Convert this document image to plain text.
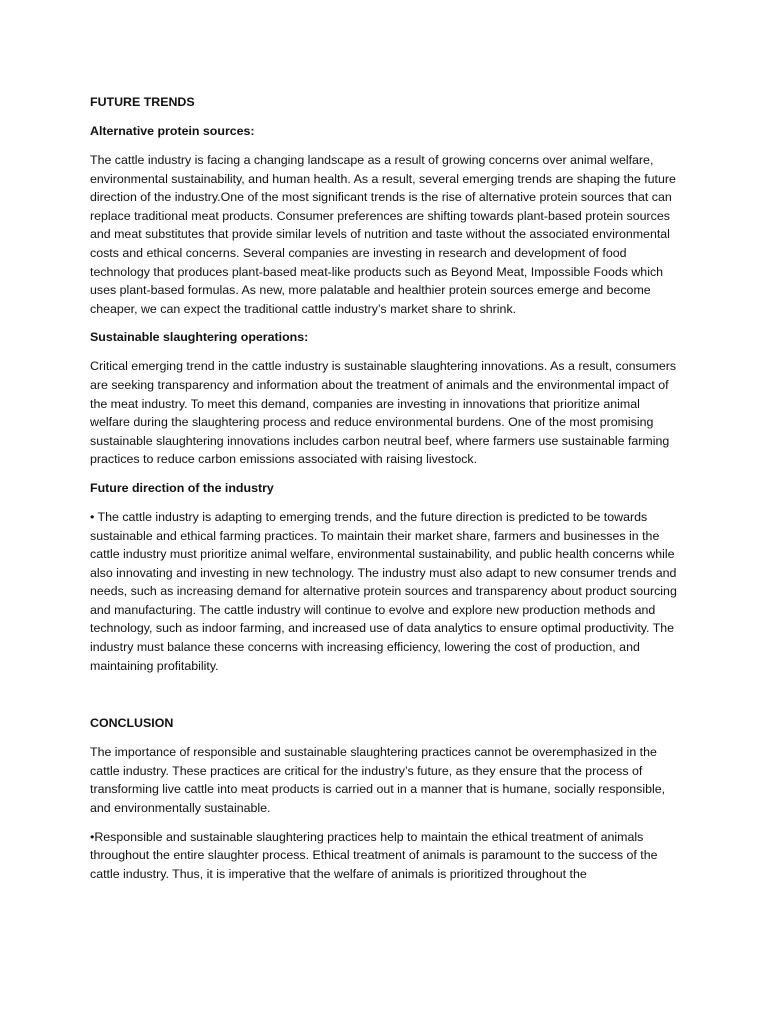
FUTURE TRENDS
Alternative protein sources:

The cattle industry is facing a changing landscape as a result of growing concerns over animal welfare, environmental sustainability, and human health. As a result, several emerging trends are shaping the future direction of the industry.One of the most significant trends is the rise of alternative protein sources that can replace traditional meat products. Consumer preferences are shifting towards plant-based protein sources and meat substitutes that provide similar levels of nutrition and taste without the associated environmental costs and ethical concerns. Several companies are investing in research and development of food technology that produces plant-based meat-like products such as Beyond Meat, Impossible Foods which uses plant-based formulas. As new, more palatable and healthier protein sources emerge and become cheaper, we can expect the traditional cattle industry’s market share to shrink.

Sustainable slaughtering operations:

Critical emerging trend in the cattle industry is sustainable slaughtering innovations. As a result, consumers are seeking transparency and information about the treatment of animals and the environmental impact of the meat industry. To meet this demand, companies are investing in innovations that prioritize animal welfare during the slaughtering process and reduce environmental burdens. One of the most promising sustainable slaughtering innovations includes carbon neutral beef, where farmers use sustainable farming practices to reduce carbon emissions associated with raising livestock.

Future direction of the industry

• The cattle industry is adapting to emerging trends, and the future direction is predicted to be towards sustainable and ethical farming practices. To maintain their market share, farmers and businesses in the cattle industry must prioritize animal welfare, environmental sustainability, and public health concerns while also innovating and investing in new technology. The industry must also adapt to new consumer trends and needs, such as increasing demand for alternative protein sources and transparency about product sourcing and manufacturing. The cattle industry will continue to evolve and explore new production methods and technology, such as indoor farming, and increased use of data analytics to ensure optimal productivity. The industry must balance these concerns with increasing efficiency, lowering the cost of production, and maintaining profitability.

CONCLUSION

The importance of responsible and sustainable slaughtering practices cannot be overemphasized in the cattle industry. These practices are critical for the industry’s future, as they ensure that the process of transforming live cattle into meat products is carried out in a manner that is humane, socially responsible, and environmentally sustainable.

•Responsible and sustainable slaughtering practices help to maintain the ethical treatment of animals throughout the entire slaughter process. Ethical treatment of animals is paramount to the success of the cattle industry. Thus, it is imperative that the welfare of animals is prioritized throughout the
